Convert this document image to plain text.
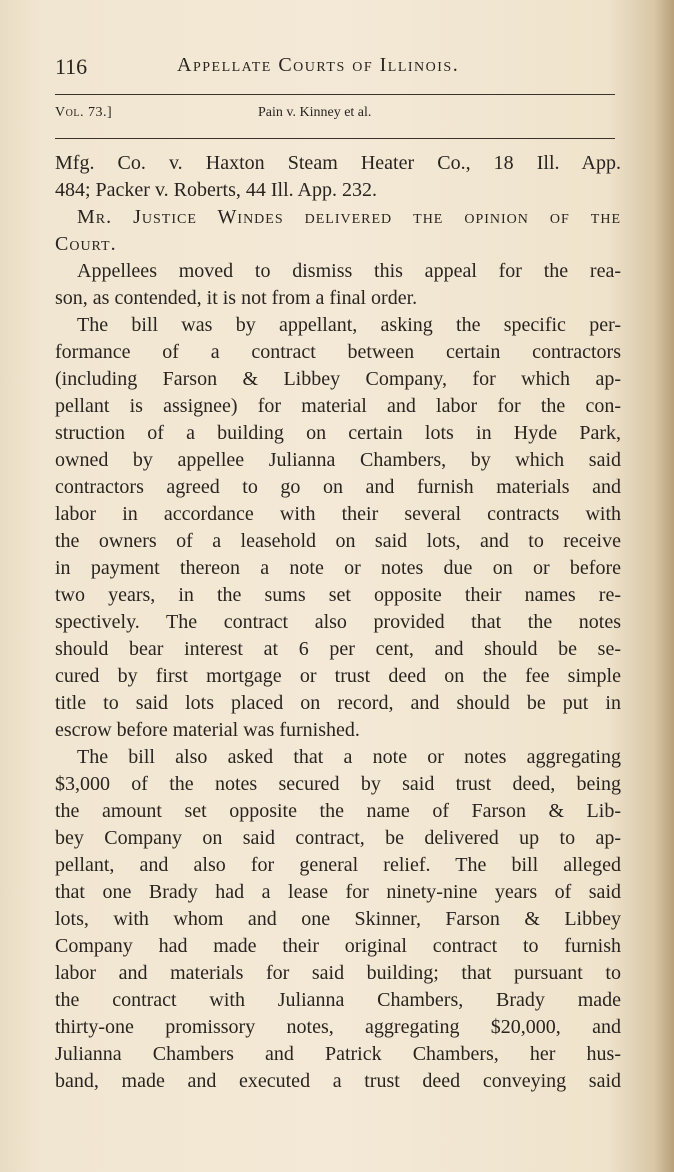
116	Appellate Courts of Illinois.
Vol. 73.]	Pain v. Kinney et al.

Mfg. Co. v. Haxton Steam Heater Co., 18 Ill. App.
484; Packer v. Roberts, 44 Ill. App. 232.

Mr. Justice Windes delivered the opinion of the
Court.

Appellees moved to dismiss this appeal for the rea-
son, as contended, it is not from a final order.

The bill was by appellant, asking the specific per-
formance of a contract between certain contractors
(including Farson & Libbey Company, for which ap-
pellant is assignee) for material and labor for the con-
struction of a building on certain lots in Hyde Park,
owned by appellee Julianna Chambers, by which said
contractors agreed to go on and furnish materials and
labor in accordance with their several contracts with
the owners of a leasehold on said lots, and to receive
in payment thereon a note or notes due on or before
two years, in the sums set opposite their names re-
spectively. The contract also provided that the notes
should bear interest at 6 per cent, and should be se-
cured by first mortgage or trust deed on the fee simple
title to said lots placed on record, and should be put in
escrow before material was furnished.

The bill also asked that a note or notes aggregating
$3,000 of the notes secured by said trust deed, being
the amount set opposite the name of Farson & Lib-
bey Company on said contract, be delivered up to ap-
pellant, and also for general relief. The bill alleged
that one Brady had a lease for ninety-nine years of said
lots, with whom and one Skinner, Farson & Libbey
Company had made their original contract to furnish
labor and materials for said building; that pursuant to
the contract with Julianna Chambers, Brady made
thirty-one promissory notes, aggregating $20,000, and
Julianna Chambers and Patrick Chambers, her hus-
band, made and executed a trust deed conveying said
